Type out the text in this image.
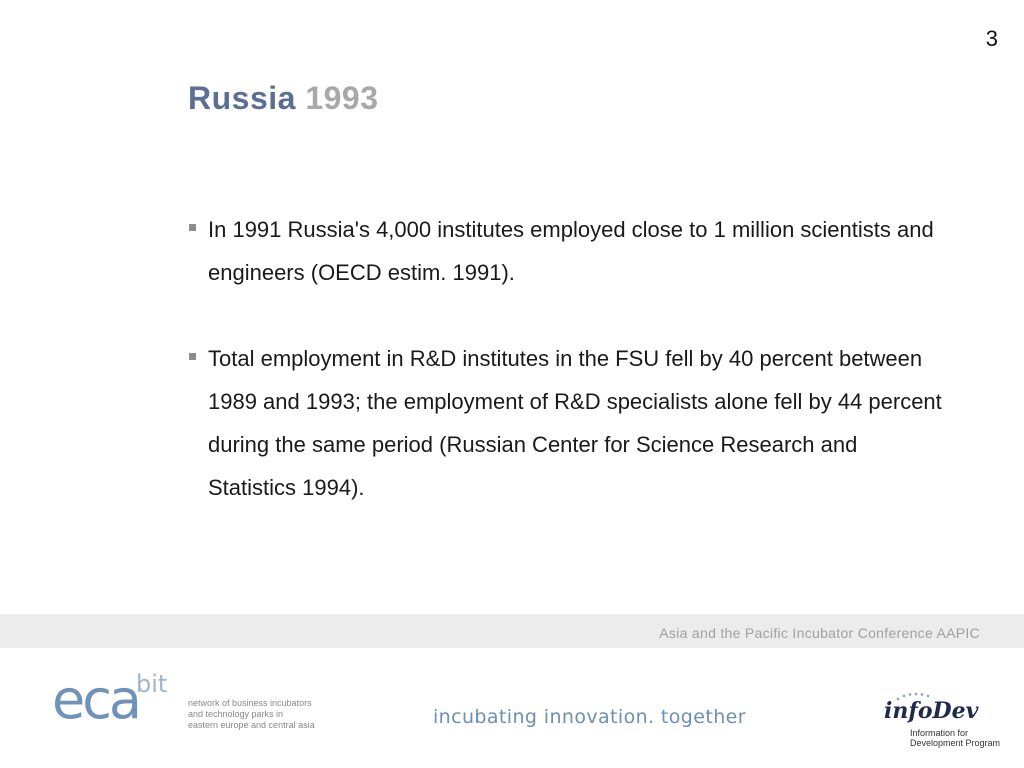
3
Russia 1993
In 1991 Russia's 4,000 institutes employed close to 1 million scientists and engineers (OECD estim. 1991).
Total employment in R&D institutes in the FSU fell by 40 percent between 1989 and 1993; the employment of R&D specialists alone fell by 44 percent during the same period (Russian Center for Science Research and Statistics 1994).
Asia and the Pacific Incubator Conference AAPIC
eca
bit
network of business incubators
and technology parks in
eastern europe and central asia	incubating innovation. together	infoDev
Information for
Development Program
